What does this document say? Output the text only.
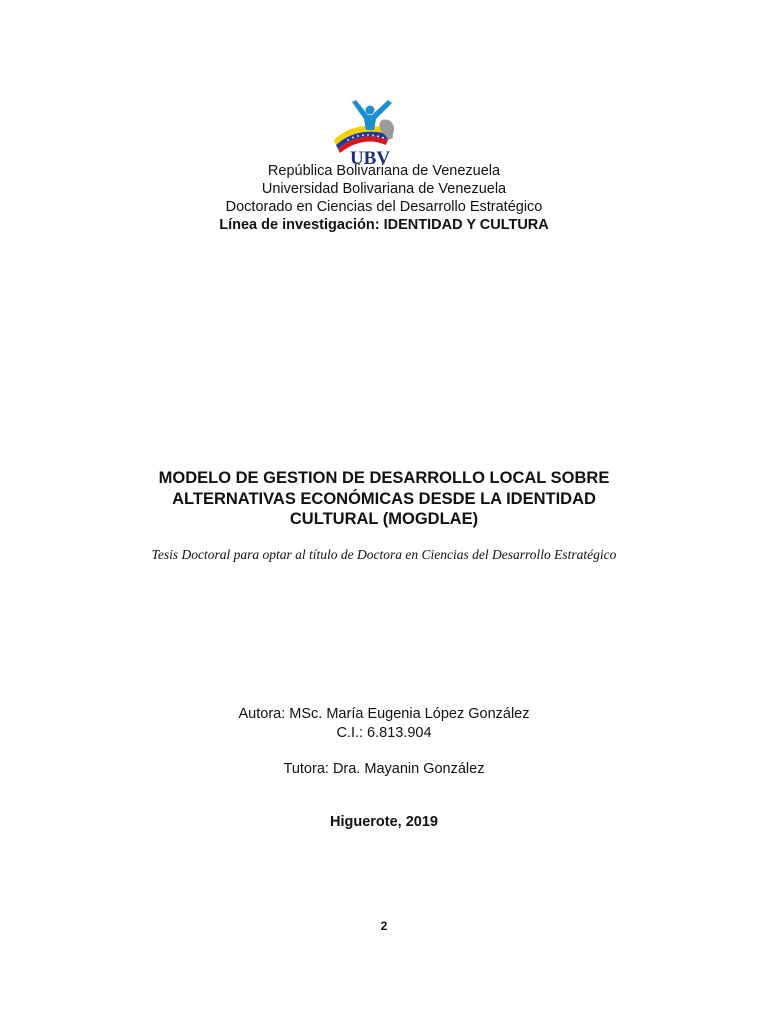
UBV
República Bolivariana de Venezuela
Universidad Bolivariana de Venezuela
Doctorado en Ciencias del Desarrollo Estratégico
Línea de investigación: IDENTIDAD Y CULTURA
MODELO DE GESTION DE DESARROLLO LOCAL SOBRE
ALTERNATIVAS ECONÓMICAS DESDE LA IDENTIDAD
CULTURAL (MOGDLAE)
Tesis Doctoral para optar al título de Doctora en Ciencias del Desarrollo Estratégico
Autora: MSc. María Eugenia López González
C.I.: 6.813.904
Tutora: Dra. Mayanin González
Higuerote, 2019
2
